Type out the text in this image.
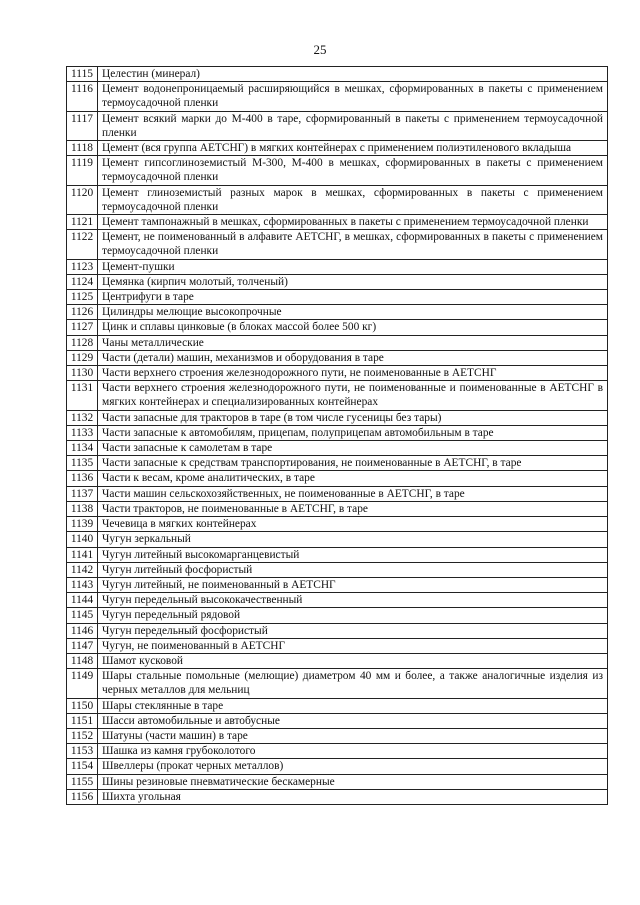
25
1115	Целестин (минерал)
1116	Цемент водонепроницаемый расширяющийся в мешках, сформированных в пакеты с применением термоусадочной пленки
1117	Цемент всякий марки до М-400 в таре, сформированный в пакеты с применением термоусадочной пленки
1118	Цемент (вся группа АЕТСНГ) в мягких контейнерах с применением полиэтиленового вкладыша
1119	Цемент гипсоглиноземистый М-300, М-400 в мешках, сформированных в пакеты с применением термоусадочной пленки
1120	Цемент глиноземистый разных марок в мешках, сформированных в пакеты с применением термоусадочной пленки
1121	Цемент тампонажный в мешках, сформированных в пакеты с применением термоусадочной пленки
1122	Цемент, не поименованный в алфавите АЕТСНГ, в мешках, сформированных в пакеты с применением термоусадочной пленки
1123	Цемент-пушки
1124	Цемянка (кирпич молотый, толченый)
1125	Центрифуги в таре
1126	Цилиндры мелющие высокопрочные
1127	Цинк и сплавы цинковые (в блоках массой более 500 кг)
1128	Чаны металлические
1129	Части (детали) машин, механизмов и оборудования в таре
1130	Части верхнего строения железнодорожного пути, не поименованные в АЕТСНГ
1131	Части верхнего строения железнодорожного пути, не поименованные и поименованные в АЕТСНГ в мягких контейнерах и специализированных контейнерах
1132	Части запасные для тракторов в таре (в том числе гусеницы без тары)
1133	Части запасные к автомобилям, прицепам, полуприцепам автомобильным в таре
1134	Части запасные к самолетам в таре
1135	Части запасные к средствам транспортирования, не поименованные в АЕТСНГ, в таре
1136	Части к весам, кроме аналитических, в таре
1137	Части машин сельскохозяйственных, не поименованные в АЕТСНГ, в таре
1138	Части тракторов, не поименованные в АЕТСНГ, в таре
1139	Чечевица в мягких контейнерах
1140	Чугун зеркальный
1141	Чугун литейный высокомарганцевистый
1142	Чугун литейный фосфористый
1143	Чугун литейный, не поименованный в АЕТСНГ
1144	Чугун передельный высококачественный
1145	Чугун передельный рядовой
1146	Чугун передельный фосфористый
1147	Чугун, не поименованный в АЕТСНГ
1148	Шамот кусковой
1149	Шары стальные помольные (мелющие) диаметром 40 мм и более, а также аналогичные изделия из черных металлов для мельниц
1150	Шары стеклянные в таре
1151	Шасси автомобильные и автобусные
1152	Шатуны (части машин) в таре
1153	Шашка из камня грубоколотого
1154	Швеллеры (прокат черных металлов)
1155	Шины резиновые пневматические бескамерные
1156	Шихта угольная
